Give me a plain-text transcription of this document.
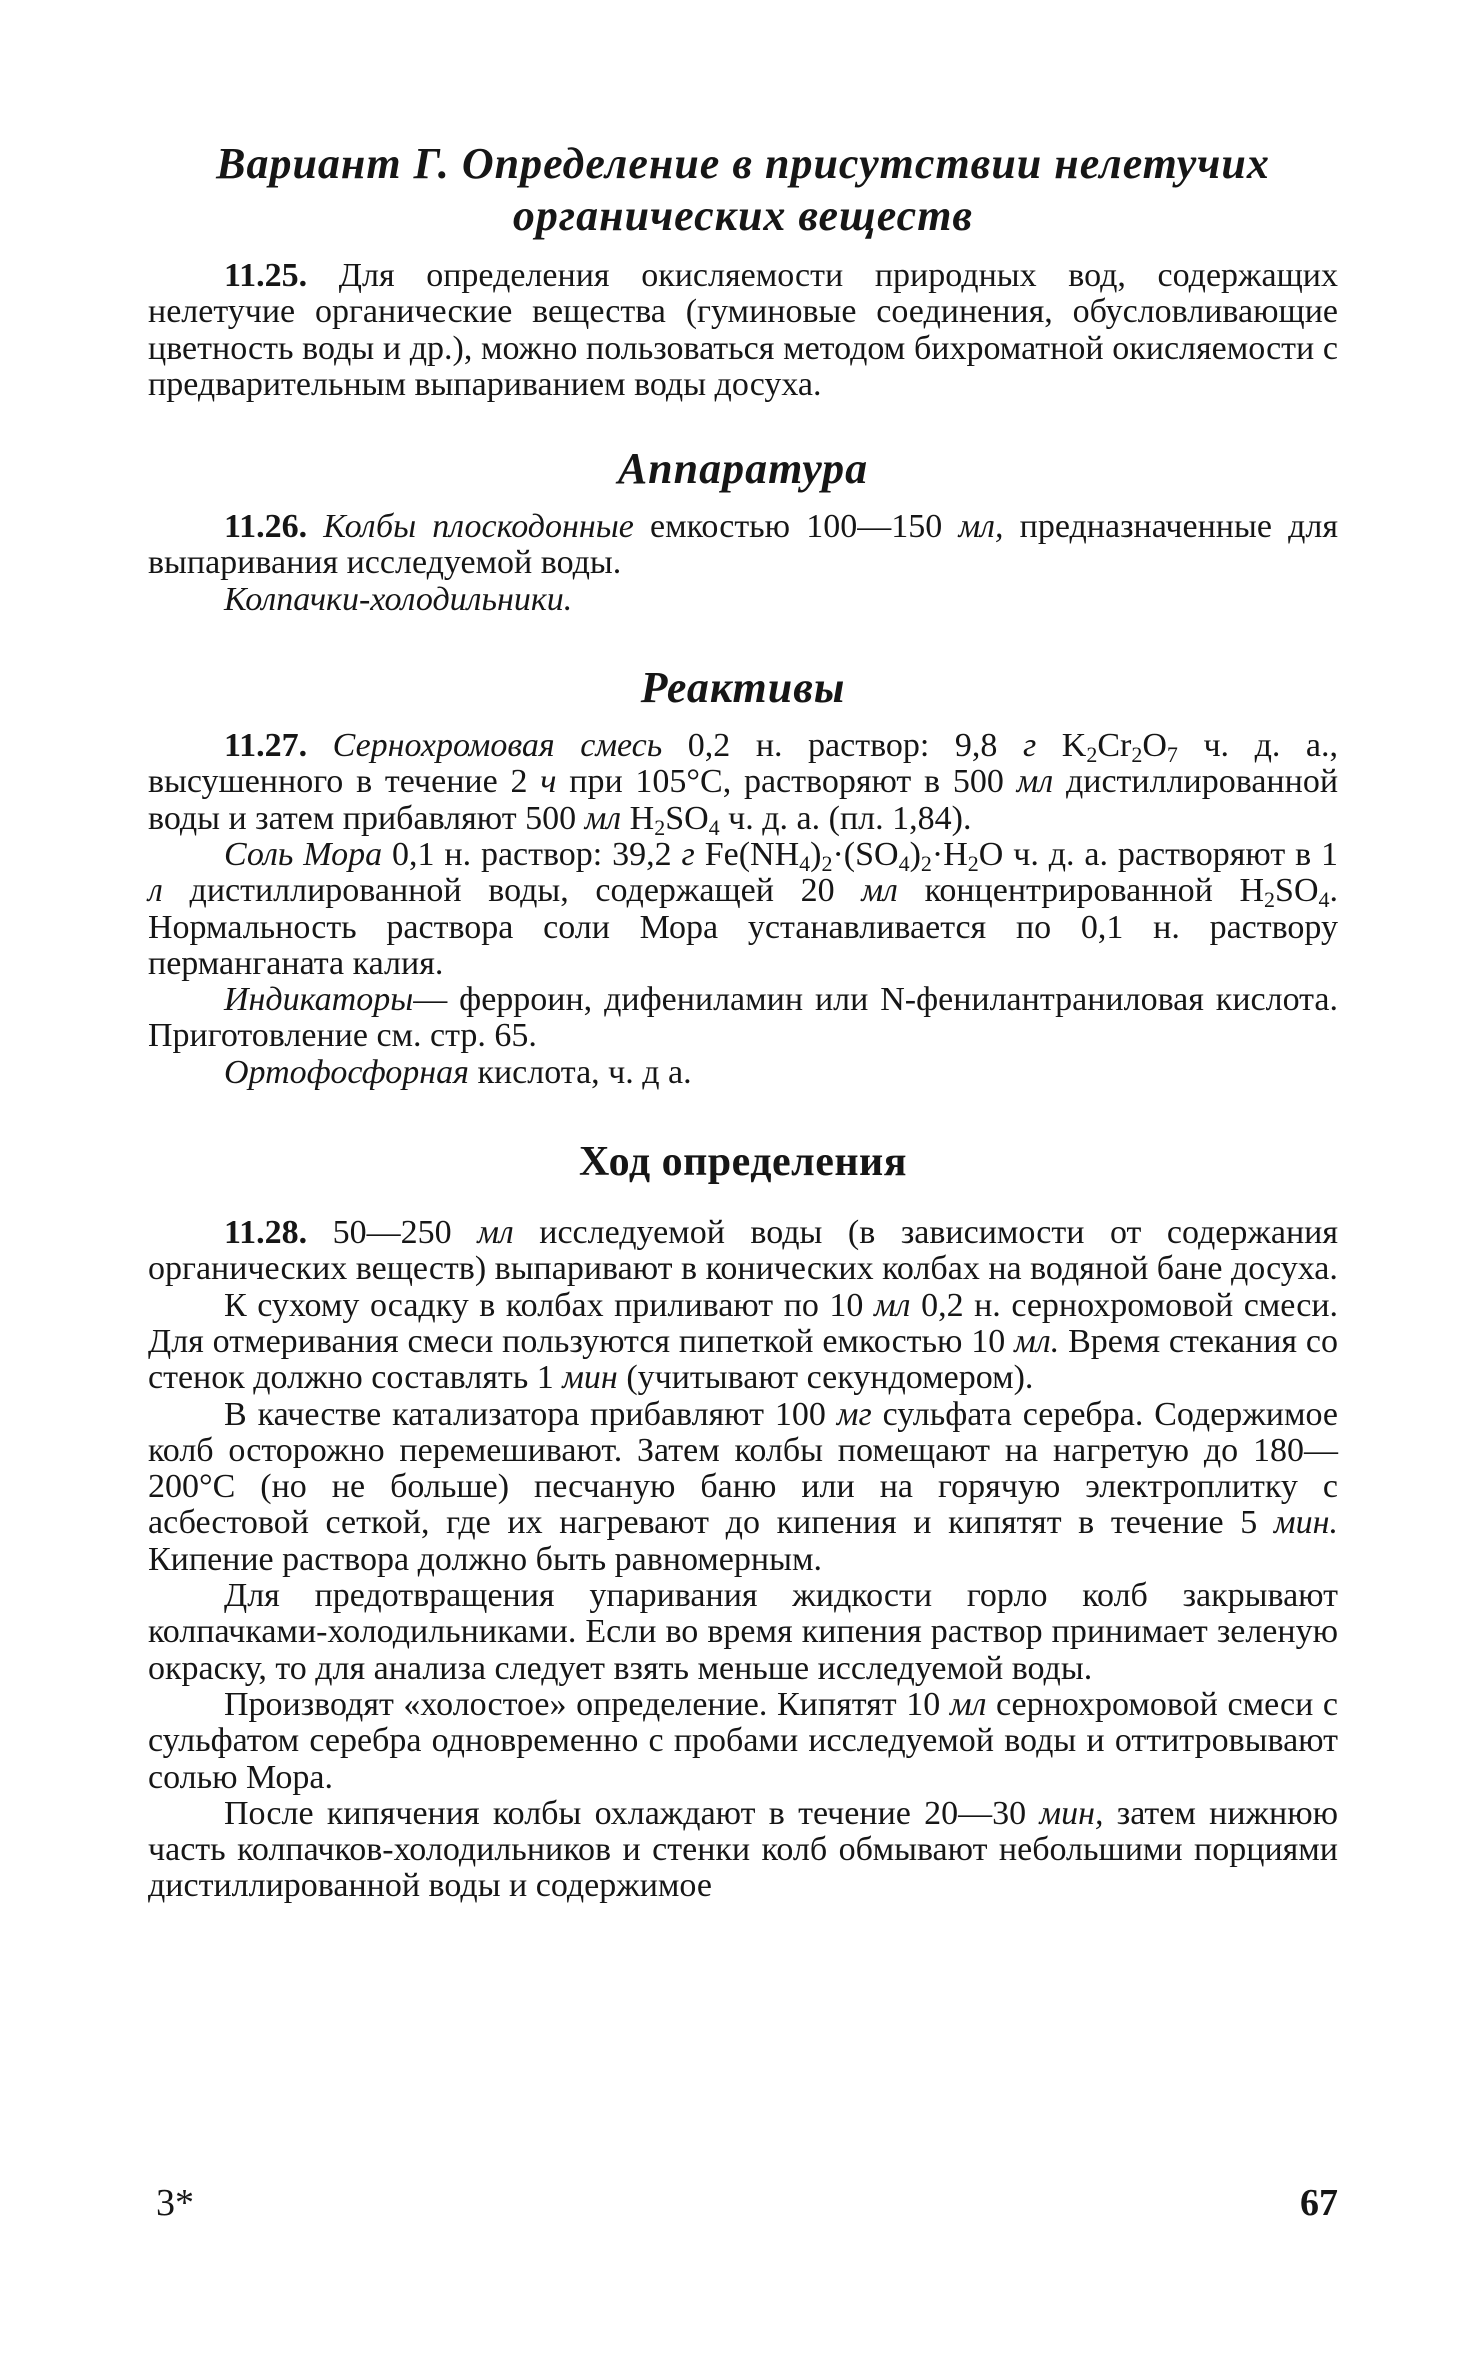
Вариант Г. Определение в присутствии нелетучих
органических веществ

11.25. Для определения окисляемости природных вод, содержащих нелетучие органические вещества (гуминовые соединения, обусловливающие цветность воды и др.), можно пользоваться методом бихроматной окисляемости с предварительным выпариванием воды досуха.

Аппаратура

11.26. Колбы плоскодонные емкостью 100—150 мл, предназначенные для выпаривания исследуемой воды.

Колпачки-холодильники.

Реактивы

11.27. Сернохромовая смесь 0,2 н. раствор: 9,8 г $K_2Cr_2O_7$ ч. д. а., высушенного в течение 2 ч при 105°С, растворяют в 500 мл дистиллированной воды и затем прибавляют 500 мл $H_2SO_4$ ч. д. а. (пл. 1,84).

Соль Мора 0,1 н. раствор: 39,2 г $Fe(NH_4)_2\cdot(SO_4)_2\cdot H_2O$ ч. д. а. растворяют в 1 л дистиллированной воды, содержащей 20 мл концентрированной $H_2SO_4$. Нормальность раствора соли Мора устанавливается по 0,1 н. раствору перманганата калия.

Индикаторы— ферроин, дифениламин или N-фенилантраниловая кислота. Приготовление см. стр. 65.

Ортофосфорная кислота, ч. д а.

Ход определения

11.28. 50—250 мл исследуемой воды (в зависимости от содержания органических веществ) выпаривают в конических колбах на водяной бане досуха.

К сухому осадку в колбах приливают по 10 мл 0,2 н. сернохромовой смеси. Для отмеривания смеси пользуются пипеткой емкостью 10 мл. Время стекания со стенок должно составлять 1 мин (учитывают секундомером).

В качестве катализатора прибавляют 100 мг сульфата серебра. Содержимое колб осторожно перемешивают. Затем колбы помещают на нагретую до 180—200°С (но не больше) песчаную баню или на горячую электроплитку с асбестовой сеткой, где их нагревают до кипения и кипятят в течение 5 мин. Кипение раствора должно быть равномерным.

Для предотвращения упаривания жидкости горло колб закрывают колпачками-холодильниками. Если во время кипения раствор принимает зеленую окраску, то для анализа следует взять меньше исследуемой воды.

Производят «холостое» определение. Кипятят 10 мл сернохромовой смеси с сульфатом серебра одновременно с пробами исследуемой воды и оттитровывают солью Мора.

После кипячения колбы охлаждают в течение 20—30 мин, затем нижнюю часть колпачков-холодильников и стенки колб обмывают небольшими порциями дистиллированной воды и содержимое

3*	67
